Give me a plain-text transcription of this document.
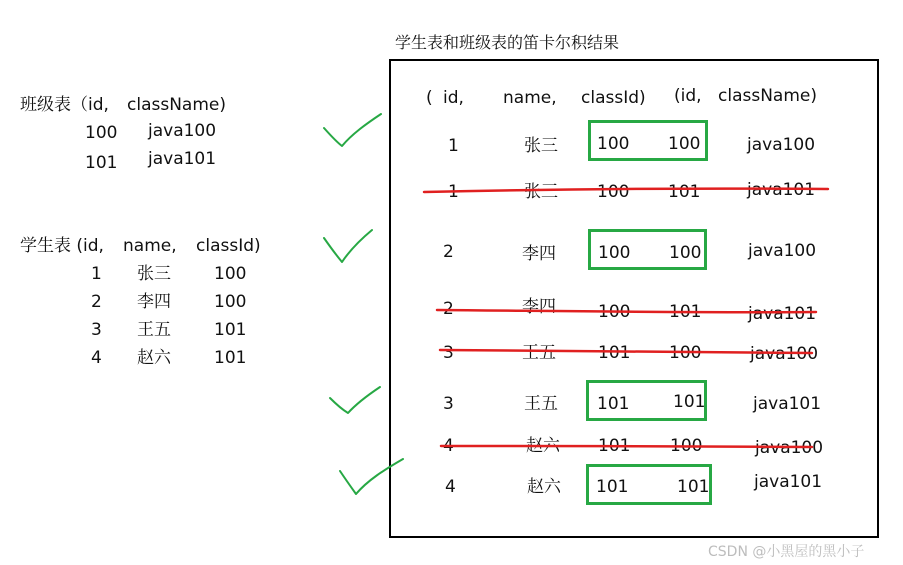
学生表和班级表的笛卡尔积结果
班级表（id, className)
100 java100
101 java101
学生表 (id, name, classId)
1 张三	100
2 李四	100
3 王五	101
4 赵六	101
( id, name, classId) (id, className)
1	张三 100 100	java100
1	张三 100 101	java101
2	李四 100 100	java100
2	李四 100 101	java101
3	王五 101 100	java100
3	王五 101	101	java101
4	赵六 101 100	java100
4	赵六 101	101	java101
CSDN @小黑屋的黑小子
